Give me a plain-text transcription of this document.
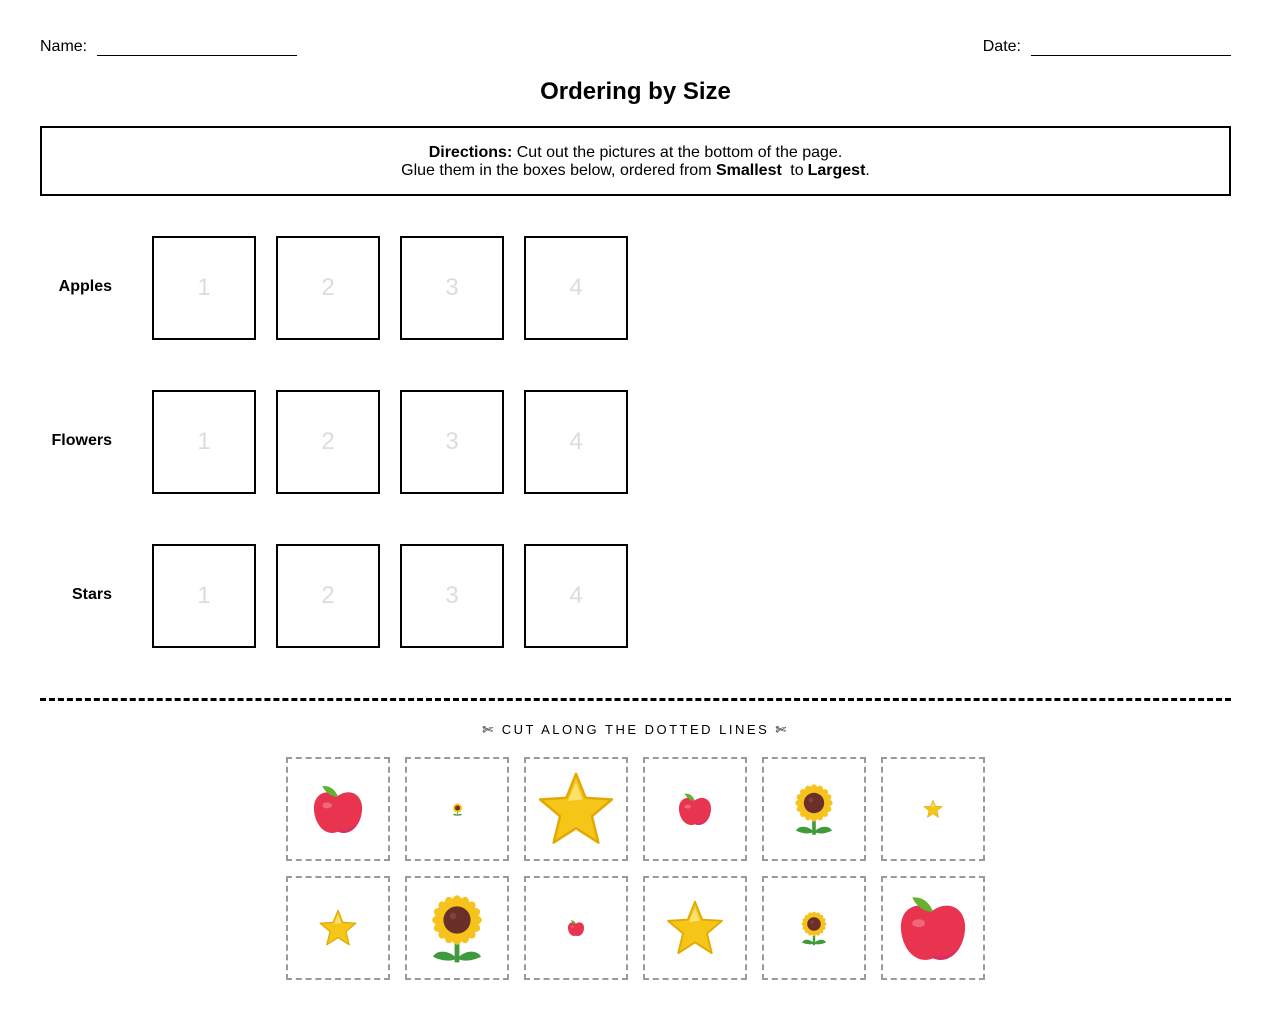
Name:	Date:
Ordering by Size
Directions: Cut out the pictures at the bottom of the page.
Glue them in the boxes below, ordered from Smallest to Largest.
Apples	1	2	3	4
Flowers	1	2	3	4
Stars	1	2	3	4
✄ CUT ALONG THE DOTTED LINES ✄
